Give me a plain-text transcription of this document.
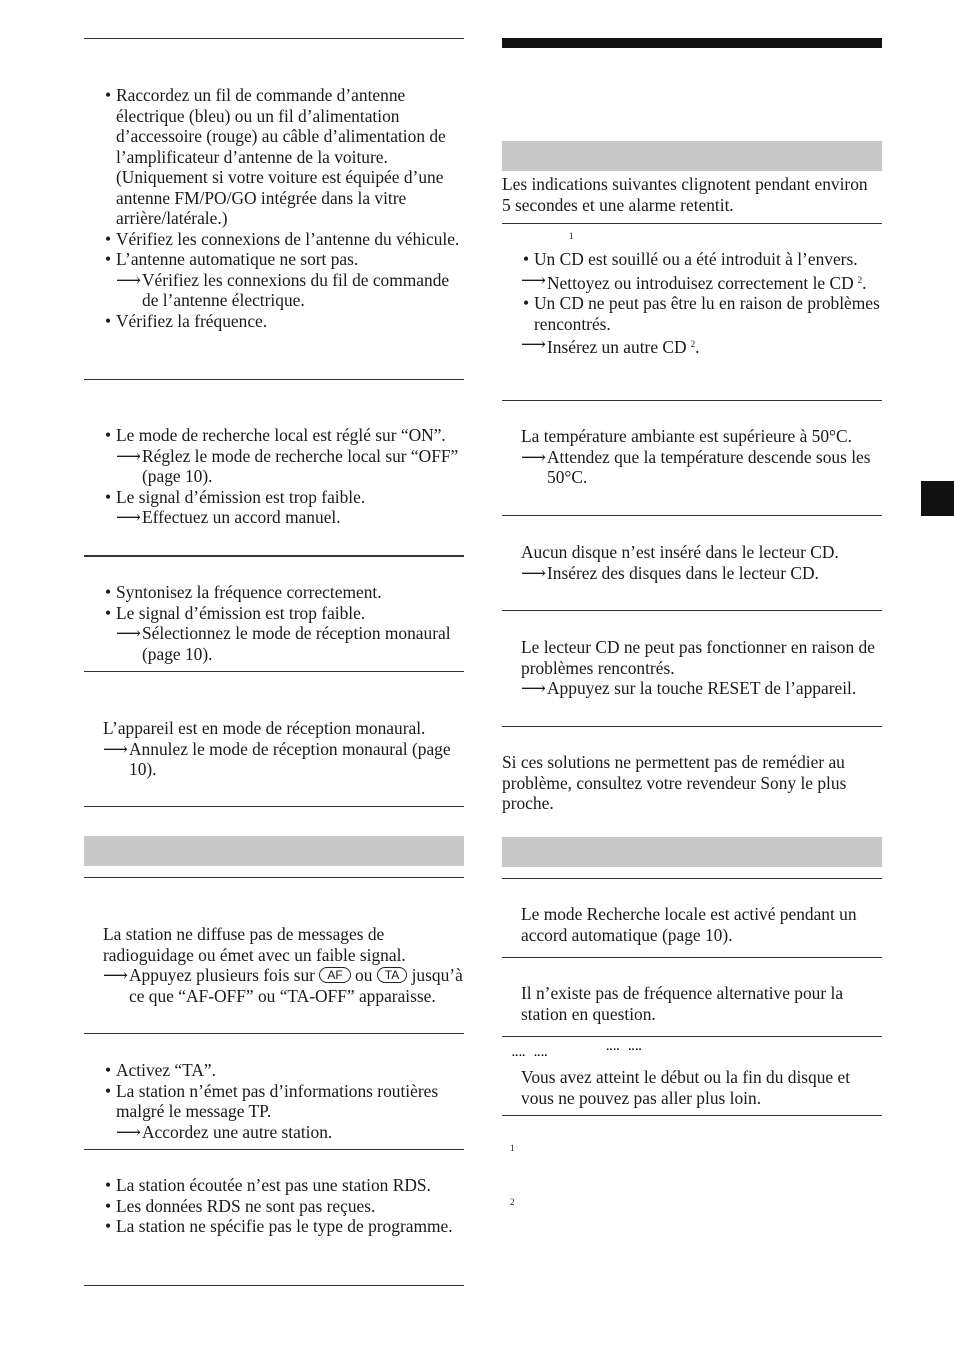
• Raccordez un fil de commande d’antenne électrique (bleu) ou un fil d’alimentation d’accessoire (rouge) au câble d’alimentation de l’amplificateur d’antenne de la voiture. (Uniquement si votre voiture est équipée d’une antenne FM/PO/GO intégrée dans la vitre arrière/latérale.)
• Vérifiez les connexions de l’antenne du véhicule.
• L’antenne automatique ne sort pas.
⟶ Vérifiez les connexions du fil de commande de l’antenne électrique.
• Vérifiez la fréquence.
• Le mode de recherche local est réglé sur “ON”.
⟶ Réglez le mode de recherche local sur “OFF” (page 10).
• Le signal d’émission est trop faible.
⟶ Effectuez un accord manuel.
• Syntonisez la fréquence correctement.
• Le signal d’émission est trop faible.
⟶ Sélectionnez le mode de réception monaural (page 10).
L’appareil est en mode de réception monaural.
⟶ Annulez le mode de réception monaural (page 10).
La station ne diffuse pas de messages de radioguidage ou émet avec un faible signal.
⟶ Appuyez plusieurs fois sur AF ou TA jusqu’à ce que “AF-OFF” ou “TA-OFF” apparaisse.
• Activez “TA”.
• La station n’émet pas d’informations routières malgré le message TP.
⟶ Accordez une autre station.
• La station écoutée n’est pas une station RDS.
• Les données RDS ne sont pas reçues.
• La station ne spécifie pas le type de programme.
Les indications suivantes clignotent pendant environ 5 secondes et une alarme retentit.
1
• Un CD est souillé ou a été introduit à l’envers.
⟶ Nettoyez ou introduisez correctement le CD $^2$.
• Un CD ne peut pas être lu en raison de problèmes rencontrés.
⟶ Insérez un autre CD $^2$.
La température ambiante est supérieure à 50°C.
⟶ Attendez que la température descende sous les 50°C.
Aucun disque n’est inséré dans le lecteur CD.
⟶ Insérez des disques dans le lecteur CD.
Le lecteur CD ne peut pas fonctionner en raison de problèmes rencontrés.
⟶ Appuyez sur la touche RESET de l’appareil.
Si ces solutions ne permettent pas de remédier au problème, consultez votre revendeur Sony le plus proche.
Le mode Recherche locale est activé pendant un accord automatique (page 10).
Il n’existe pas de fréquence alternative pour la station en question.
⠤⠤ ⠤⠤	⠉⠉ ⠉⠉
Vous avez atteint le début ou la fin du disque et vous ne pouvez pas aller plus loin.
1
2
